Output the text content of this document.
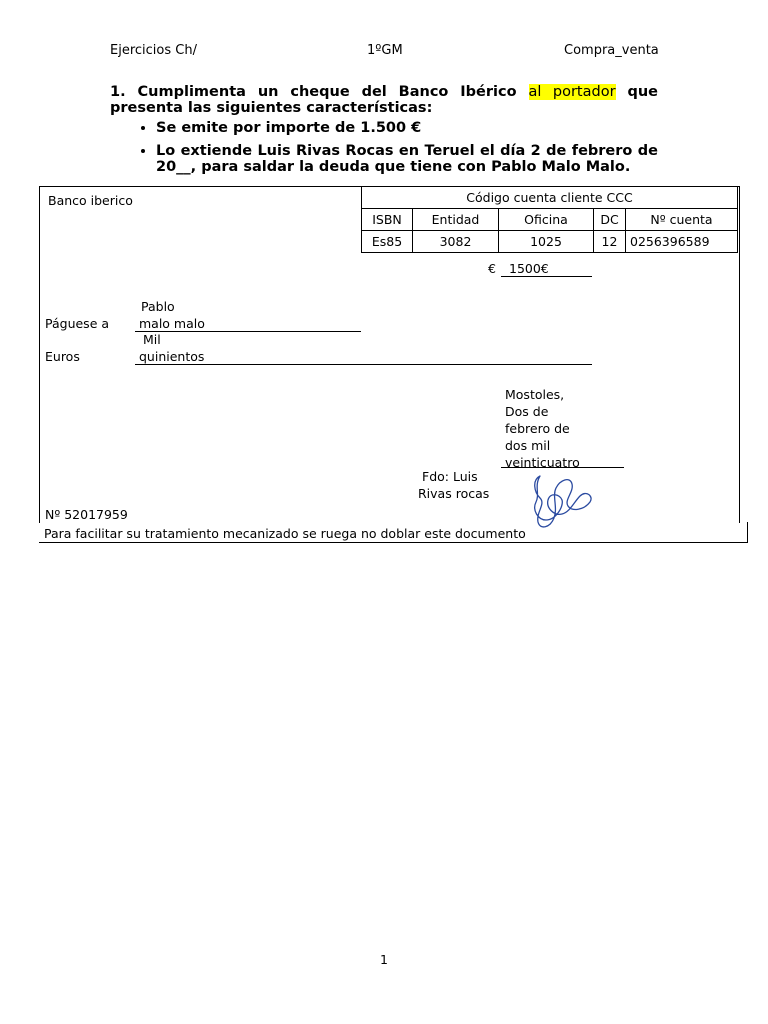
Ejercicios Ch/	1ºGM	Compra_venta

1. Cumplimenta un cheque del Banco Ibérico al portador que presenta las siguientes características:

• Se emite por importe de 1.500 €
• Lo extiende Luis Rivas Rocas en Teruel el día 2 de febrero de 20__, para saldar la deuda que tiene con Pablo Malo Malo.
Banco iberico	Código cuenta cliente CCC				
ISBN	Entidad	Oficina	DC	Nº cuenta
Es85	3082	1025	12	0256396589
€ 1500€
Páguese a
Pablo
malo malo
Euros
Mil
quinientos
Mostoles,
Dos de
febrero de
dos mil
veinticuatro
Fdo: Luis
Rivas rocas
Nº 52017959
Para facilitar su tratamiento mecanizado se ruega no doblar este documento
1
